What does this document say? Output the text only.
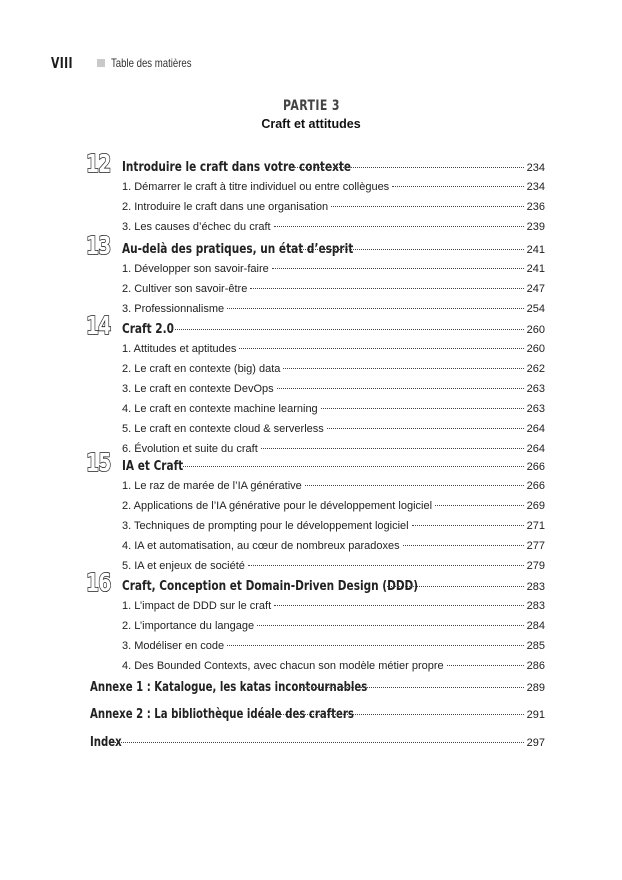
VIII	Table des matières
PARTIE 3
Craft et attitudes
12 Introduire le craft dans votre contexte	234
1. Démarrer le craft à titre individuel ou entre collègues	234
2. Introduire le craft dans une organisation	236
3. Les causes d’échec du craft	239
13 Au-delà des pratiques, un état d’esprit	241
1. Développer son savoir-faire	241
2. Cultiver son savoir-être	247
3. Professionnalisme	254
14 Craft 2.0	260
1. Attitudes et aptitudes	260
2. Le craft en contexte (big) data	262
3. Le craft en contexte DevOps	263
4. Le craft en contexte machine learning	263
5. Le craft en contexte cloud & serverless	264
6. Évolution et suite du craft	264
15 IA et Craft	266
1. Le raz de marée de l’IA générative	266
2. Applications de l’IA générative pour le développement logiciel	269
3. Techniques de prompting pour le développement logiciel	271
4. IA et automatisation, au cœur de nombreux paradoxes	277
5. IA et enjeux de société	279
16 Craft, Conception et Domain-Driven Design (DDD)	283
1. L’impact de DDD sur le craft	283
2. L’importance du langage	284
3. Modéliser en code	285
4. Des Bounded Contexts, avec chacun son modèle métier propre	286
Annexe 1 : Katalogue, les katas incontournables	289
Annexe 2 : La bibliothèque idéale des crafters	291
Index	297
